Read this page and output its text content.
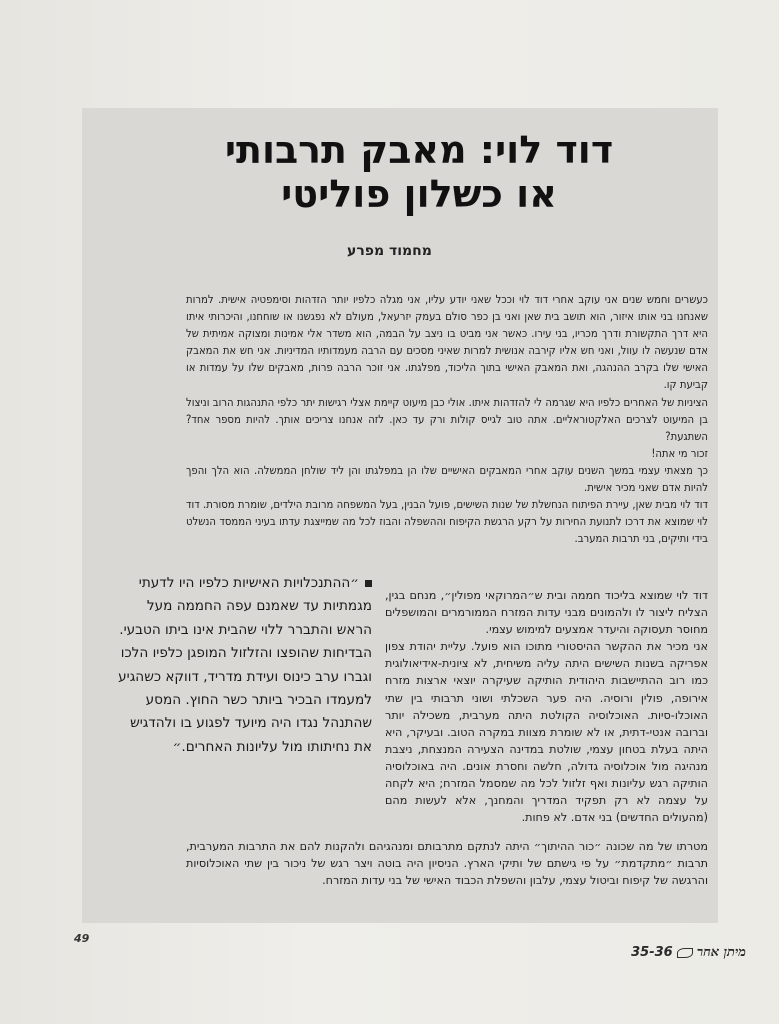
דוד לוי: מאבק תרבותי
או כשלון פוליטי
מחמוד מפרע

כעשרים וחמש שנים אני עוקב אחרי דוד לוי וככל שאני יודע עליו, אני מגלה כלפיו יותר הזדהות וסימפטיה אישית. למרות שאנחנו בני אותו איזור, הוא תושב בית שאן ואני בן כפר סולם בעמק יזרעאל, מעולם לא נפגשנו או שוחחנו, והיכרותי איתו היא דרך התקשורת ודרך מכריו, בני עירו. כאשר אני מביט בו ניצב על הבמה, הוא משדר אלי אמינות ומצוקה אמיתית של אדם שנעשה לו עוול, ואני חש אליו קירבה אנושית למרות שאיני מסכים עם הרבה מעמדותיו המדיניות. אני חש את המאבק האישי שלו בקרב ההנהגה, ואת המאבק האישי בתוך הליכוד, מפלגתו. אני זוכר הרבה פרות, מאבקים שלו על עמדות או קביעת קו.

הציניות של האחרים כלפיו היא שגרמה לי להזדהות איתו. אולי כבן מיעוט קיימת אצלי רגישות יתר כלפי התנהגות הרוב וניצול בן המיעוט לצרכים האלקטוראליים. אתה טוב לגייס קולות ורק עד כאן. לזה אנחנו צריכים אותך. להיות מספר אחד? השתגעת?

זכור מי אתה!

כך מצאתי עצמי במשך השנים עוקב אחרי המאבקים האישיים שלו הן במפלגתו והן ליד שולחן הממשלה. הוא הלך והפך להיות אדם שאני מכיר אישית.

דוד לוי מבית שאן, עיירת הפיתוח הנחשלת של שנות השישים, פועל הבנין, בעל המשפחה מרובת הילדים, שומרת מסורת. דוד לוי שמוצא את דרכו לתנועת החירות על רקע הרגשת הקיפוח וההשפלה והבוז לכל מה שמייצגת עדתו בעיני הממסד הנשלט בידי ותיקים, בני תרבות המערב.

דוד לוי שמוצא בליכוד חממה ובית ש״המרוקאי מפולין״, מנחם בגין, הצליח ליצור לו ולהמונים מבני עדות המזרח הממורמרים והמושפלים מחוסר תעסוקה והיעדר אמצעים למימוש עצמי.

אני מכיר את ההקשר ההיסטורי מתוכו הוא פועל. עליית יהודת צפון אפריקה בשנות השישים היתה עליה משיחית, לא ציונית-אידיאולוגית כמו רוב ההתיישבות היהודית הותיקה שעיקרה יוצאי ארצות מזרח אירופה, פולין ורוסיה. היה פער השכלתי ושוני תרבותי בין שתי האוכלו-סיות. האוכלוסיה הקולטת היתה מערבית, משכילה יותר וברובה אנטי-דתית, או לא שומרת מצוות במקרה הטוב. ובעיקר, היא היתה בעלת בטחון עצמי, שולטת במדינה הצעירה המנצחת, ניצבת מנהיגה מול אוכלוסיה גדולה, חלשה וחסרת אונים. היה באוכלוסיה הותיקה רגש עליונות ואף זלזול לכל מה שמסמל המזרח; היא לקחה על עצמה לא רק תפקיד המדריך והמחנך, אלא לעשות מהם (מהעולים החדשים) בני אדם. לא פחות.

מטרתו של מה שכונה ״כור ההיתוך״ היתה לנתקם מתרבותם ומנהגיהם ולהקנות להם את התרבות המערבית, תרבות ״מתקדמת״ על פי גישתם של ותיקי הארץ. הניסיון היה בוטה ויצר רגש של ניכור בין שתי האוכלוסיות והרגשה של קיפוח וביטול עצמי, עלבון והשפלת הכבוד האישי של בני עדות המזרח.

״ההתנכלויות האישיות כלפיו היו לדעתי מגמתיות עד שאמנם עפה החממה מעל הראש והתברר ללוי שהבית אינו ביתו הטבעי. הבדיחות שהופצו והזלזול המופגן כלפיו הלכו וגברו ערב כינוס ועידת מדריד, דווקא כשהגיע למעמדו הבכיר ביותר כשר החוץ. המסע שהתנהל נגדו היה מיועד לפגוע בו ולהדגיש את נחיתותו מול עליונות האחרים.״
49
מיתן אחר35-36
